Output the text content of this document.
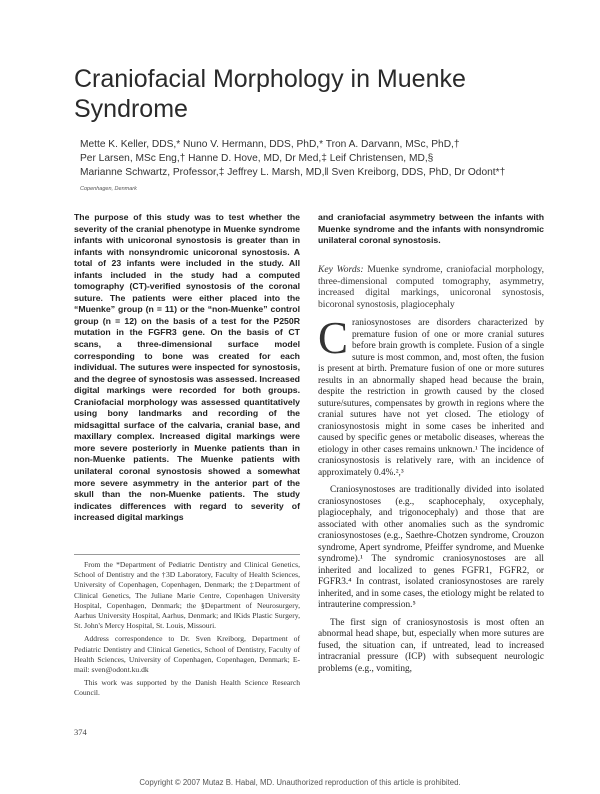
Craniofacial Morphology in Muenke Syndrome
Mette K. Keller, DDS,* Nuno V. Hermann, DDS, PhD,* Tron A. Darvann, MSc, PhD,†
Per Larsen, MSc Eng,† Hanne D. Hove, MD, Dr Med,‡ Leif Christensen, MD,§
Marianne Schwartz, Professor,‡ Jeffrey L. Marsh, MD,‖ Sven Kreiborg, DDS, PhD, Dr Odont*†
Copenhagen, Denmark

The purpose of this study was to test whether the severity of the cranial phenotype in Muenke syndrome infants with unicoronal synostosis is greater than in infants with nonsyndromic unicoronal synostosis. A total of 23 infants were included in the study. All infants included in the study had a computed tomography (CT)-verified synostosis of the coronal suture. The patients were either placed into the “Muenke” group (n = 11) or the “non-Muenke” control group (n = 12) on the basis of a test for the P250R mutation in the FGFR3 gene. On the basis of CT scans, a three-dimensional surface model corresponding to bone was created for each individual. The sutures were inspected for synostosis, and the degree of synostosis was assessed. Increased digital markings were recorded for both groups. Craniofacial morphology was assessed quantitatively using bony landmarks and recording of the midsagittal surface of the calvaria, cranial base, and maxillary complex. Increased digital markings were more severe posteriorly in Muenke patients than in non-Muenke patients. The Muenke patients with unilateral coronal synostosis showed a somewhat more severe asymmetry in the anterior part of the skull than the non-Muenke patients. The study indicates differences with regard to severity of increased digital markings

and craniofacial asymmetry between the infants with Muenke syndrome and the infants with nonsyndromic unilateral coronal synostosis.

Key Words: Muenke syndrome, craniofacial morphology, three-dimensional computed tomography, asymmetry, increased digital markings, unicoronal synostosis, bicoronal synostosis, plagiocephaly

Craniosynostoses are disorders characterized by premature fusion of one or more cranial sutures before brain growth is complete. Fusion of a single suture is most common, and, most often, the fusion is present at birth. Premature fusion of one or more sutures results in an abnormally shaped head because the brain, despite the restriction in growth caused by the closed suture/sutures, compensates by growth in regions where the cranial sutures have not yet closed. The etiology of craniosynostosis might in some cases be inherited and caused by specific genes or metabolic diseases, whereas the etiology in other cases remains unknown.¹ The incidence of craniosynostosis is relatively rare, with an incidence of approximately 0.4%.²,³

Craniosynostoses are traditionally divided into isolated craniosynostoses (e.g., scaphocephaly, oxycephaly, plagiocephaly, and trigonocephaly) and those that are associated with other anomalies such as the syndromic craniosynostoses (e.g., Saethre-Chotzen syndrome, Crouzon syndrome, Apert syndrome, Pfeiffer syndrome, and Muenke syndrome).¹ The syndromic craniosynostoses are all inherited and localized to genes FGFR1, FGFR2, or FGFR3.⁴ In contrast, isolated craniosynostoses are rarely inherited, and in some cases, the etiology might be related to intrauterine compression.⁵

The first sign of craniosynostosis is most often an abnormal head shape, but, especially when more sutures are fused, the situation can, if untreated, lead to increased intracranial pressure (ICP) with subsequent neurologic problems (e.g., vomiting,

From the *Department of Pediatric Dentistry and Clinical Genetics, School of Dentistry and the †3D Laboratory, Faculty of Health Sciences, University of Copenhagen, Copenhagen, Denmark; the ‡Department of Clinical Genetics, The Juliane Marie Centre, Copenhagen University Hospital, Copenhagen, Denmark; the §Department of Neurosurgery, Aarhus University Hospital, Aarhus, Denmark; and ‖Kids Plastic Surgery, St. John's Mercy Hospital, St. Louis, Missouri.

Address correspondence to Dr. Sven Kreiborg, Department of Pediatric Dentistry and Clinical Genetics, School of Dentistry, Faculty of Health Sciences, University of Copenhagen, Copenhagen, Denmark; E-mail: sven@odont.ku.dk

This work was supported by the Danish Health Science Research Council.

374
Copyright © 2007 Mutaz B. Habal, MD. Unauthorized reproduction of this article is prohibited.
